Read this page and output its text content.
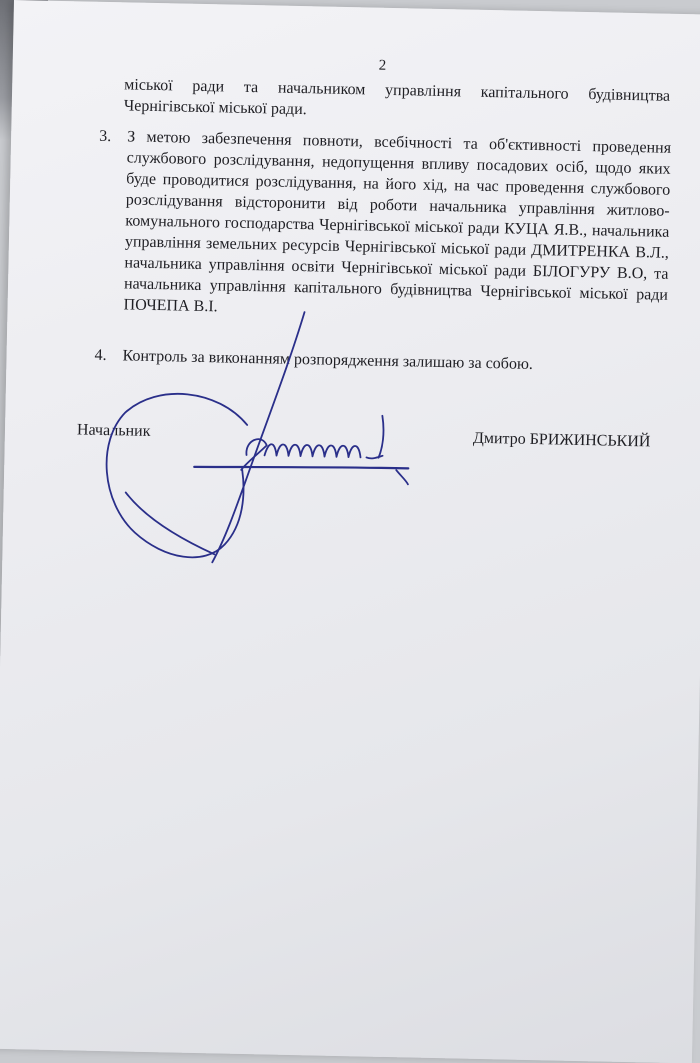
2
міської ради та начальником управління капітального будівництва Чернігівської міської ради.
3. З метою забезпечення повноти, всебічності та об'єктивності проведення службового розслідування, недопущення впливу посадових осіб, щодо яких буде проводитися розслідування, на його хід, на час проведення службового розслідування відсторонити від роботи начальника управління житлово-комунального господарства Чернігівської міської ради КУЦА Я.В., начальника управління земельних ресурсів Чернігівської міської ради ДМИТРЕНКА В.Л., начальника управління освіти Чернігівської міської ради БІЛОГУРУ В.О, та начальника управління капітального будівництва Чернігівської міської ради ПОЧЕПА В.І.
4. Контроль за виконанням розпорядження залишаю за собою.
Начальник	Дмитро БРИЖИНСЬКИЙ
